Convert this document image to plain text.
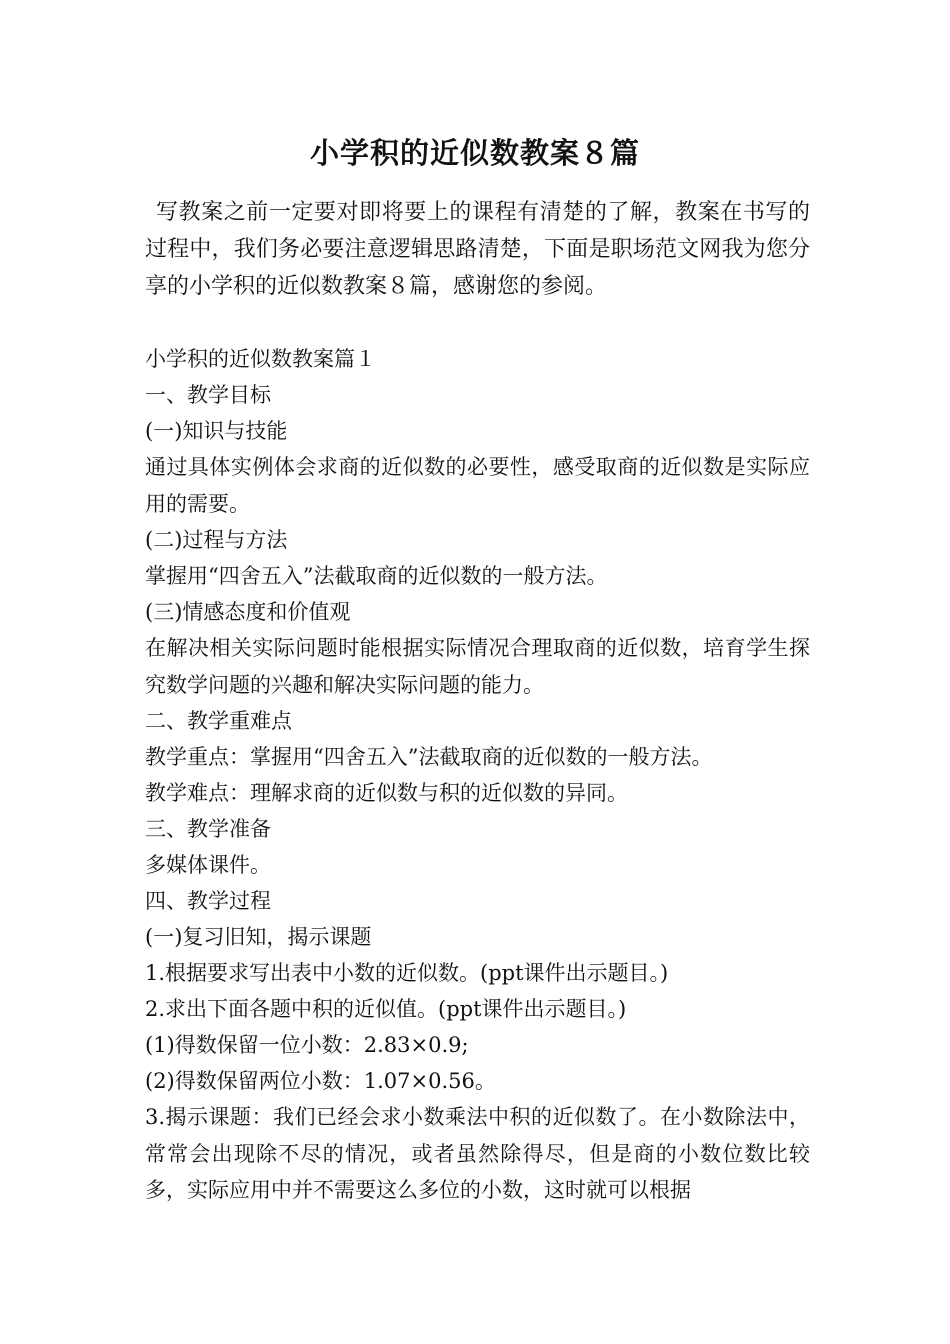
小学积的近似数教案８篇

写教案之前一定要对即将要上的课程有清楚的了解，教案在书写的过程中，我们务必要注意逻辑思路清楚，下面是职场范文网我为您分享的小学积的近似数教案８篇，感谢您的参阅。

小学积的近似数教案篇１

一、教学目标

(一)知识与技能

通过具体实例体会求商的近似数的必要性，感受取商的近似数是实际应用的需要。

(二)过程与方法

掌握用“四舍五入”法截取商的近似数的一般方法。

(三)情感态度和价值观

在解决相关实际问题时能根据实际情况合理取商的近似数，培育学生探究数学问题的兴趣和解决实际问题的能力。

二、教学重难点

教学重点：掌握用“四舍五入”法截取商的近似数的一般方法。

教学难点：理解求商的近似数与积的近似数的异同。

三、教学准备

多媒体课件。

四、教学过程

(一)复习旧知，揭示课题

1.根据要求写出表中小数的近似数。(ppt课件出示题目。)

2.求出下面各题中积的近似值。(ppt课件出示题目。)

(1)得数保留一位小数：2.83×0.9;

(2)得数保留两位小数：1.07×0.56。

3.揭示课题：我们已经会求小数乘法中积的近似数了。在小数除法中，常常会出现除不尽的情况，或者虽然除得尽，但是商的小数位数比较多，实际应用中并不需要这么多位的小数，这时就可以根据
